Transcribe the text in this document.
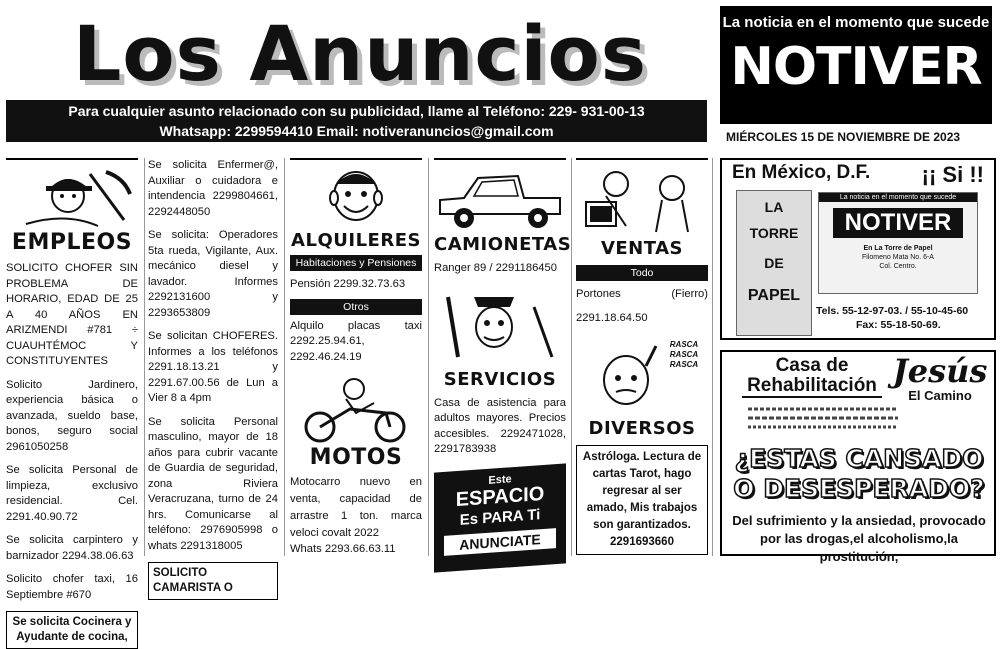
Los Anuncios
Para cualquier asunto relacionado con su publicidad, llame al Teléfono: 229- 931-00-13
Whatsapp: 2299594410 Email: notiveranuncios@gmail.com
La noticia en el momento que sucede
NOTIVER
MIÉRCOLES 15 DE NOVIEMBRE DE 2023
EMPLEOS
SOLICITO CHOFER SIN PROBLEMA DE HORARIO, EDAD DE 25 A 40 AÑOS EN ARIZMENDI #781 ÷ CUAUHTÉMOC Y CONSTITUYENTES
Solicito Jardinero, experiencia básica o avanzada, sueldo base, bonos, seguro social 2961050258
Se solicita Personal de limpieza, exclusivo residencial. Cel. 2291.40.90.72
Se solicita carpintero y barnizador 2294.38.06.63
Solicito chofer taxi, 16 Septiembre #670
Se solicita Cocinera y Ayudante de cocina,
Se solicita Enfermer@, Auxiliar o cuidadora e intendencia 2299804661, 2292448050
Se solicita: Operadores 5ta rueda, Vigilante, Aux. mecánico diesel y lavador. Informes 2292131600 y 2293653809
Se solicitan CHOFERES. Informes a los teléfonos 2291.18.13.21 y 2291.67.00.56 de Lun a Vier 8 a 4pm
Se solicita Personal masculino, mayor de 18 años para cubrir vacante de Guardia de seguridad, zona Riviera Veracruzana, turno de 24 hrs. Comunicarse al teléfono: 2976905998 o whats 2291318005
SOLICITO CAMARISTA O
ALQUILERES
Habitaciones y Pensiones
Pensión 2299.32.73.63
Otros
Alquilo placas taxi 2292.25.94.61, 2292.46.24.19
MOTOS
Motocarro nuevo en venta, capacidad de arrastre 1 ton. marca veloci covalt 2022
Whats 2293.66.63.11
CAMIONETAS
Ranger 89 / 2291186450
SERVICIOS
Casa de asistencia para adultos mayores. Precios accesibles. 2292471028, 2291783938
Este
ESPACIO
Es PARA Ti
ANUNCIATE
VENTAS
Todo
Portones	(Fierro)
2291.18.64.50
RASCA RASCA RASCA
DIVERSOS
Astróloga. Lectura de cartas Tarot, hago regresar al ser amado, Mis trabajos son garantizados. 2291693660
En México, D.F. ¡¡ Si !!
LA
TORRE
DE
PAPEL
La noticia en el momento que sucede
NOTIVER
En La Torre de Papel
Filomeno Mata No. 6-A
Col. Centro.
Tels. 55-12-97-03. / 55-10-45-60
Fax: 55-18-50-69.
Casa de
Rehabilitación Jesús
El Camino
¿ESTAS CANSADO
O DESESPERADO?
Del sufrimiento y la ansiedad, provocado por las drogas,el alcoholismo,la prostitución,
